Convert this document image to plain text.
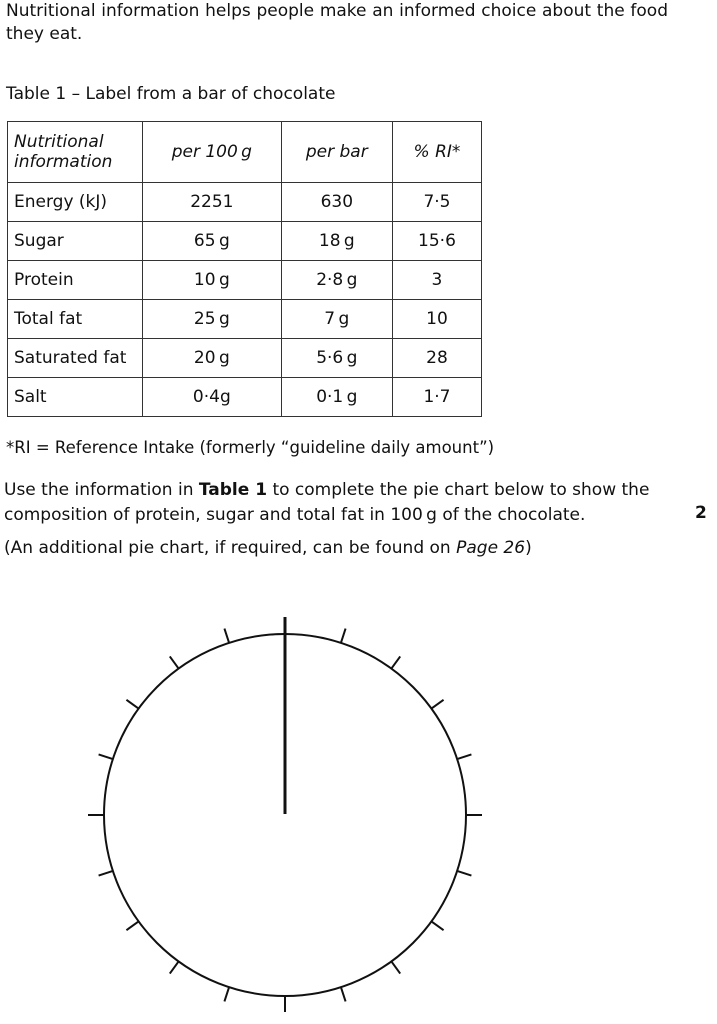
Nutritional information helps people make an informed choice about the food they eat.
Table 1 – Label from a bar of chocolate
Nutritional information	per 100 g	per bar	% RI*
Energy (kJ)	2251	630	7·5
Sugar	65 g	18 g	15·6
Protein	10 g	2·8 g	3
Total fat	25 g	7 g	10
Saturated fat	20 g	5·6 g	28
Salt	0·4g	0·1 g	1·7
*RI = Reference Intake (formerly “guideline daily amount”)
Use the information in Table 1 to complete the pie chart below to show the composition of protein, sugar and total fat in 100 g of the chocolate.	2
(An additional pie chart, if required, can be found on Page 26)
